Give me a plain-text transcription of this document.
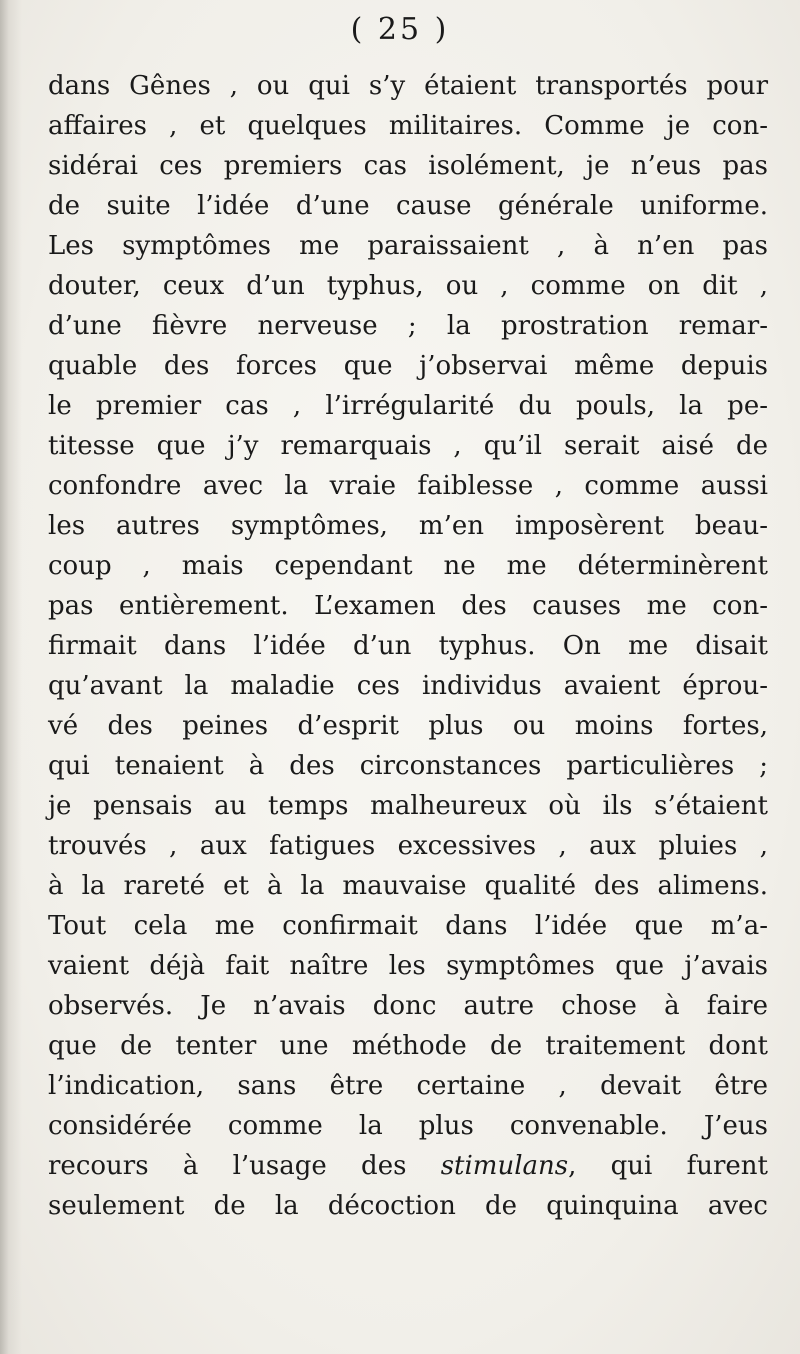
( 25 )
dans Gênes , ou qui s’y étaient transportés pour
affaires , et quelques militaires. Comme je con-
sidérai ces premiers cas isolément, je n’eus pas
de suite l’idée d’une cause générale uniforme.
Les symptômes me paraissaient , à n’en pas
douter, ceux d’un typhus, ou , comme on dit ,
d’une fièvre nerveuse ; la prostration remar-
quable des forces que j’observai même depuis
le premier cas , l’irrégularité du pouls, la pe-
titesse que j’y remarquais , qu’il serait aisé de
confondre avec la vraie faiblesse , comme aussi
les autres symptômes, m’en imposèrent beau-
coup , mais cependant ne me déterminèrent
pas entièrement. L’examen des causes me con-
firmait dans l’idée d’un typhus. On me disait
qu’avant la maladie ces individus avaient éprou-
vé des peines d’esprit plus ou moins fortes,
qui tenaient à des circonstances particulières ;
je pensais au temps malheureux où ils s’étaient
trouvés , aux fatigues excessives , aux pluies ,
à la rareté et à la mauvaise qualité des alimens.
Tout cela me confirmait dans l’idée que m’a-
vaient déjà fait naître les symptômes que j’avais
observés. Je n’avais donc autre chose à faire
que de tenter une méthode de traitement dont
l’indication, sans être certaine , devait être
considérée comme la plus convenable. J’eus
recours à l’usage des stimulans, qui furent
seulement de la décoction de quinquina avec
